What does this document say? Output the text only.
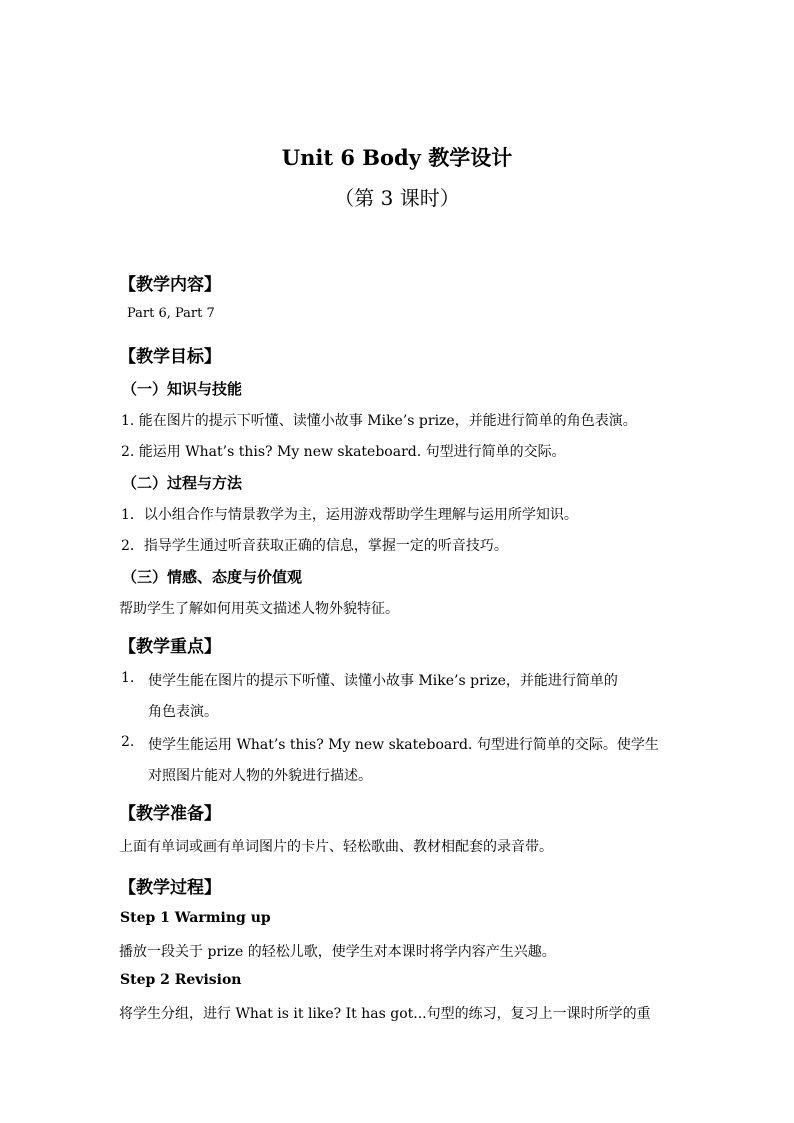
Unit 6 Body 教学设计
（第 3 课时）
【教学内容】
Part 6, Part 7
【教学目标】
（一）知识与技能
1. 能在图片的提示下听懂、读懂小故事 Mike’s prize，并能进行简单的角色表演。
2. 能运用 What’s this? My new skateboard. 句型进行简单的交际。
（二）过程与方法
1．以小组合作与情景教学为主，运用游戏帮助学生理解与运用所学知识。
2．指导学生通过听音获取正确的信息，掌握一定的听音技巧。
（三）情感、态度与价值观
帮助学生了解如何用英文描述人物外貌特征。
【教学重点】
1. 使学生能在图片的提示下听懂、读懂小故事 Mike’s prize，并能进行简单的
角色表演。
2. 使学生能运用 What’s this? My new skateboard. 句型进行简单的交际。使学生
对照图片能对人物的外貌进行描述。
【教学准备】
上面有单词或画有单词图片的卡片、轻松歌曲、教材相配套的录音带。
【教学过程】
Step 1 Warming up
播放一段关于 prize 的轻松儿歌，使学生对本课时将学内容产生兴趣。
Step 2 Revision
将学生分组，进行 What is it like? It has got...句型的练习，复习上一课时所学的重
